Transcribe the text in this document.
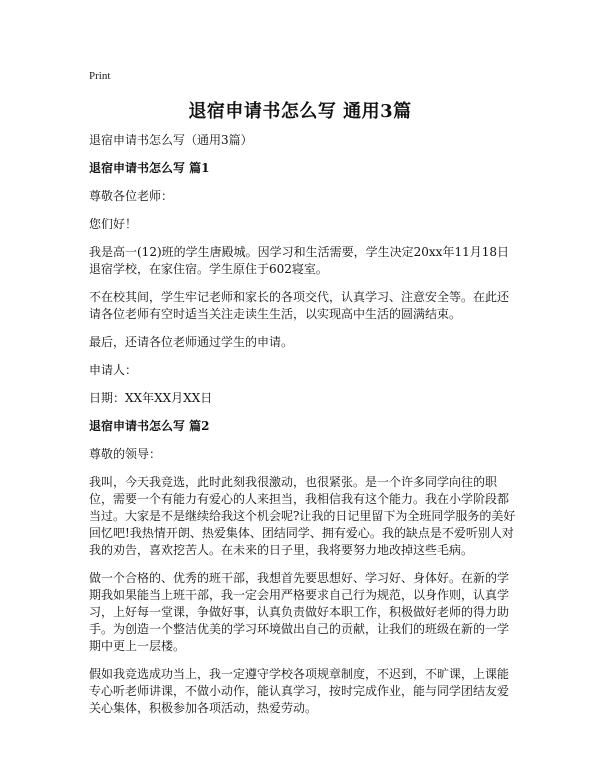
Print
退宿申请书怎么写 通用3篇

退宿申请书怎么写（通用3篇）

退宿申请书怎么写 篇1

尊敬各位老师：

您们好！

我是高一(12)班的学生唐殿城。因学习和生活需要，学生决定20xx年11月18日退宿学校，在家住宿。学生原住于602寝室。

不在校其间，学生牢记老师和家长的各项交代，认真学习、注意安全等。在此还请各位老师有空时适当关注走读生生活，以实现高中生活的圆满结束。

最后，还请各位老师通过学生的申请。

申请人：

日期：XX年XX月XX日

退宿申请书怎么写 篇2

尊敬的领导：

我叫，今天我竞选，此时此刻我很激动，也很紧张。是一个许多同学向往的职位，需要一个有能力有爱心的人来担当，我相信我有这个能力。我在小学阶段都当过。大家是不是继续给我这个机会呢?让我的日记里留下为全班同学服务的美好回忆吧!我热情开朗、热爱集体、团结同学、拥有爱心。我的缺点是不爱听别人对我的劝告，喜欢挖苦人。在未来的日子里，我将要努力地改掉这些毛病。

做一个合格的、优秀的班干部，我想首先要思想好、学习好、身体好。在新的学期我如果能当上班干部，我一定会用严格要求自己行为规范，以身作则，认真学习，上好每一堂课，争做好事，认真负责做好本职工作，积极做好老师的得力助手。为创造一个整洁优美的学习环境做出自己的贡献，让我们的班级在新的一学期中更上一层楼。

假如我竞选成功当上，我一定遵守学校各项规章制度，不迟到，不旷课，上课能专心听老师讲课，不做小动作，能认真学习，按时完成作业，能与同学团结友爱 关心集体，积极参加各项活动，热爱劳动。
